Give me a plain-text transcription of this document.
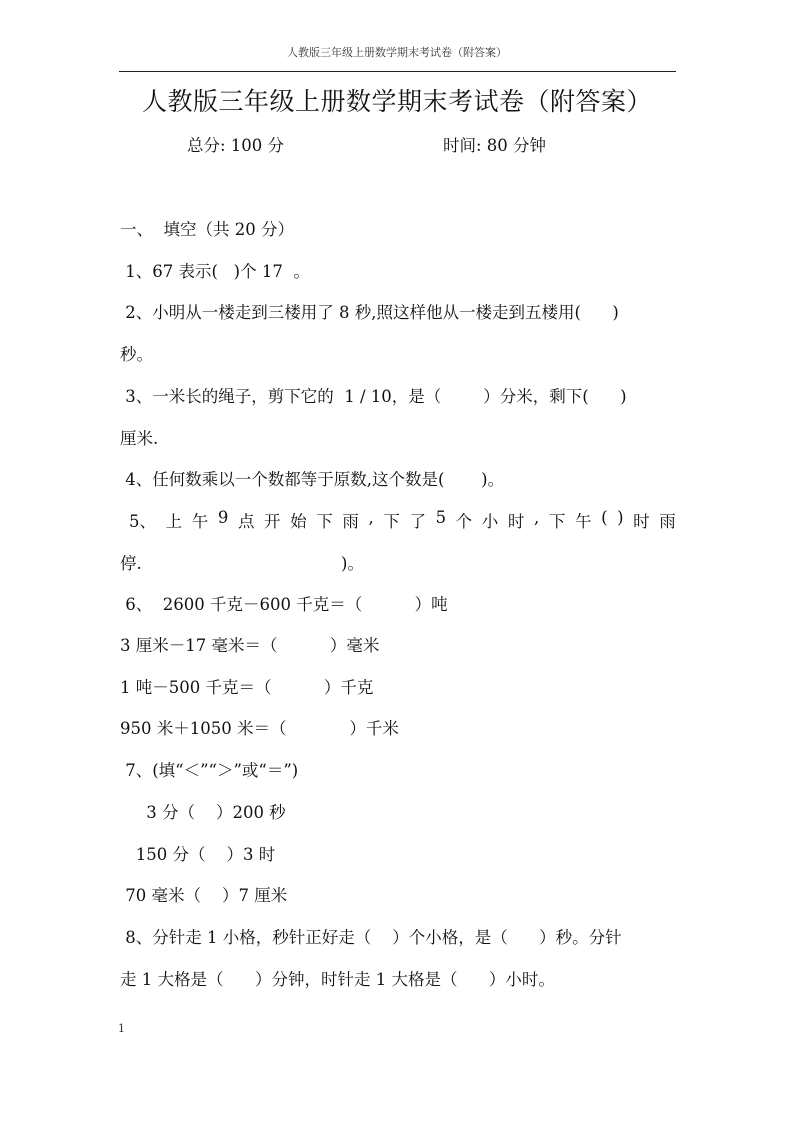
人教版三年级上册数学期末考试卷（附答案）
人教版三年级上册数学期末考试卷（附答案）
总分: 100 分	时间: 80 分钟
一、  填空（共 20 分）
1、67 表示(   )个 17  。
2、小明从一楼走到三楼用了 8 秒,照这样他从一楼走到五楼用(      )
秒。
3、一米长的绳子，剪下它的  1 / 10，是（        ）分米，剩下(      )
厘米.
4、任何数乘以一个数都等于原数,这个数是(       )。
5、 上 午 9 点 开 始 下 雨 , 下 了 5 个 小 时 , 下 午 ( ) 时 雨
停.                                      )。
6、  2600 千克－600 千克＝（          ）吨
3 厘米－17 毫米＝（          ）毫米
1 吨－500 千克＝（          ）千克
950 米＋1050 米＝（            ）千米
7、(填“＜”“＞”或“＝”)
3 分（    ）200 秒
150 分（    ）3 时
70 毫米（    ）7 厘米
8、分针走 1 小格，秒针正好走（    ）个小格，是（      ）秒。分针
走 1 大格是（      ）分钟，时针走 1 大格是（      ）小时。
1
